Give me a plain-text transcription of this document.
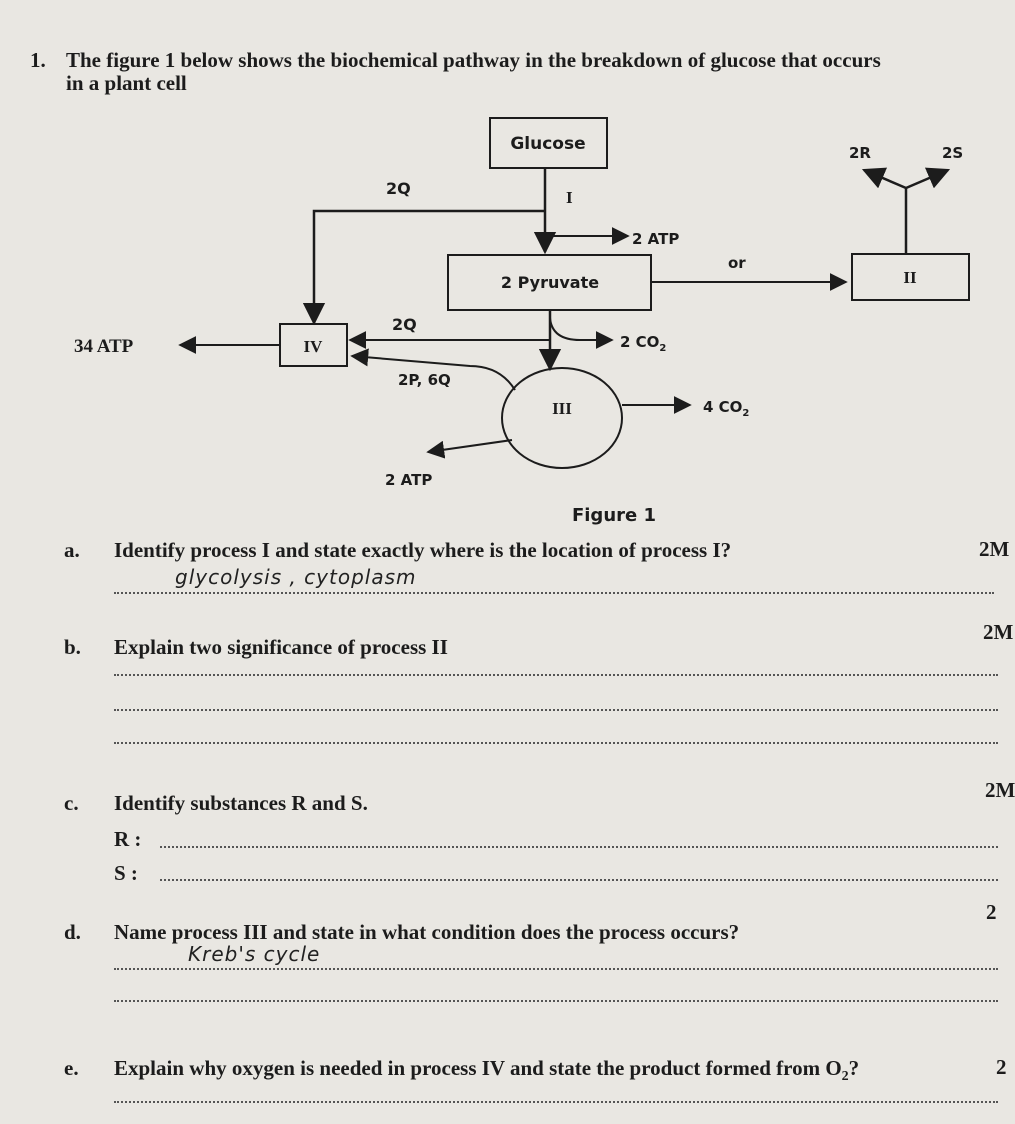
1. The figure 1 below shows the biochemical pathway in the breakdown of glucose that occurs
in a plant cell
Glucose
I
2Q
2 ATP
2 Pyruvate
or
II
2R	2S
2 $CO_2$
IV
2Q
34 ATP
III
2P, 6Q
4 $CO_2$
2 ATP
Figure 1
a. Identify process I and state exactly where is the location of process I?	2M
glycolysis , cytoplasm
b. Explain two significance of process II
2M
c. Identify substances R and S.
2M
R :
S :
d. Name process III and state in what condition does the process occurs?
2
Kreb's cycle
e. Explain why oxygen is needed in process IV and state the product formed from $O_2$?	2
